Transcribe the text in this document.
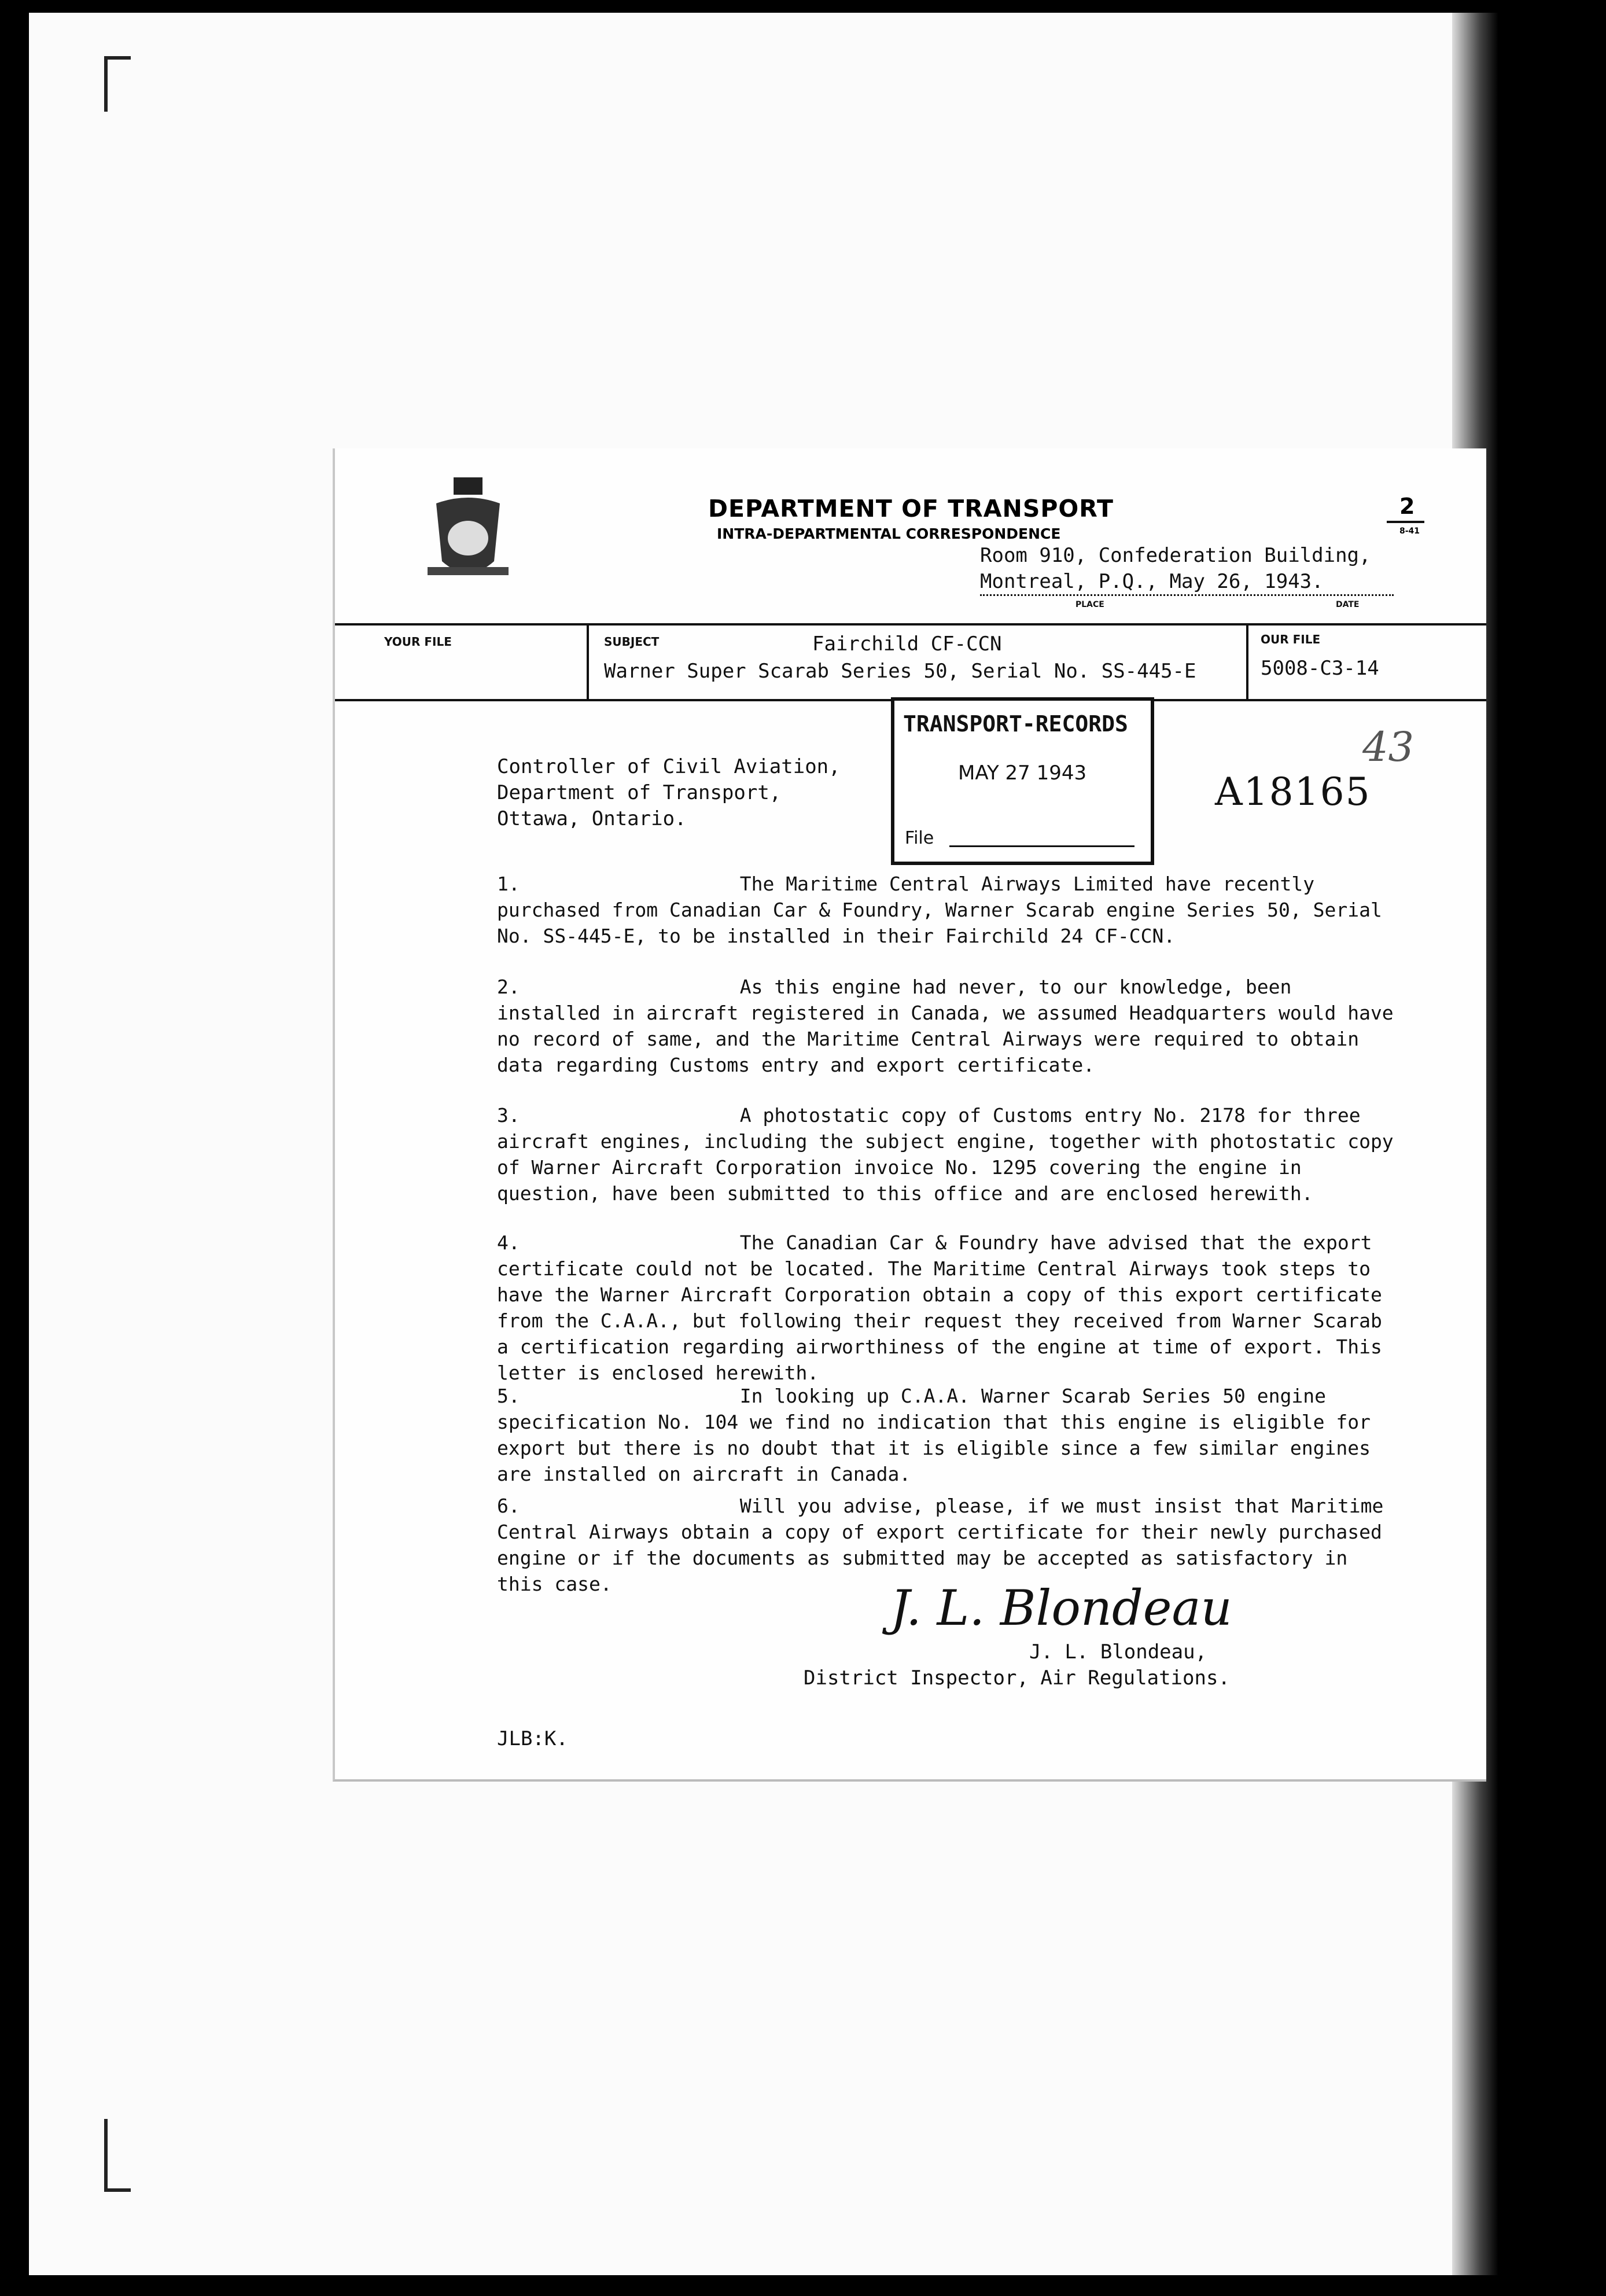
DEPARTMENT OF TRANSPORT
INTRA-DEPARTMENTAL CORRESPONDENCE
2
8-41
Room 910, Confederation Building,
Montreal, P.Q., May 26, 1943.
PLACE	DATE
YOUR FILE	SUBJECT	Fairchild CF-CCN
Warner Super Scarab Series 50, Serial No. SS-445-E
OUR FILE
5008-C3-14
Controller of Civil Aviation,
Department of Transport,
Ottawa, Ontario.
1.	The Maritime Central Airways Limited have recently purchased from Canadian Car & Foundry, Warner Scarab engine Series 50, Serial No. SS-445-E, to be installed in their Fairchild 24 CF-CCN.
2.	As this engine had never, to our knowledge, been installed in aircraft registered in Canada, we assumed Headquarters would have no record of same, and the Maritime Central Airways were required to obtain data regarding Customs entry and export certificate.
3.	A photostatic copy of Customs entry No. 2178 for three aircraft engines, including the subject engine, together with photostatic copy of Warner Aircraft Corporation invoice No. 1295 covering the engine in question, have been submitted to this office and are enclosed herewith.
4.	The Canadian Car & Foundry have advised that the export certificate could not be located. The Maritime Central Airways took steps to have the Warner Aircraft Corporation obtain a copy of this export certificate from the C.A.A., but following their request they received from Warner Scarab a certification regarding airworthiness of the engine at time of export. This letter is enclosed herewith.
5.	In looking up C.A.A. Warner Scarab Series 50 engine specification No. 104 we find no indication that this engine is eligible for export but there is no doubt that it is eligible since a few similar engines are installed on aircraft in Canada.
6.	Will you advise, please, if we must insist that Maritime Central Airways obtain a copy of export certificate for their newly purchased engine or if the documents as submitted may be accepted as satisfactory in this case.	J. L. Blondeau
J. L. Blondeau,
District Inspector, Air Regulations.
JLB:K.
TRANSPORT-RECORDS
MAY 27 1943
File
A18165
43
